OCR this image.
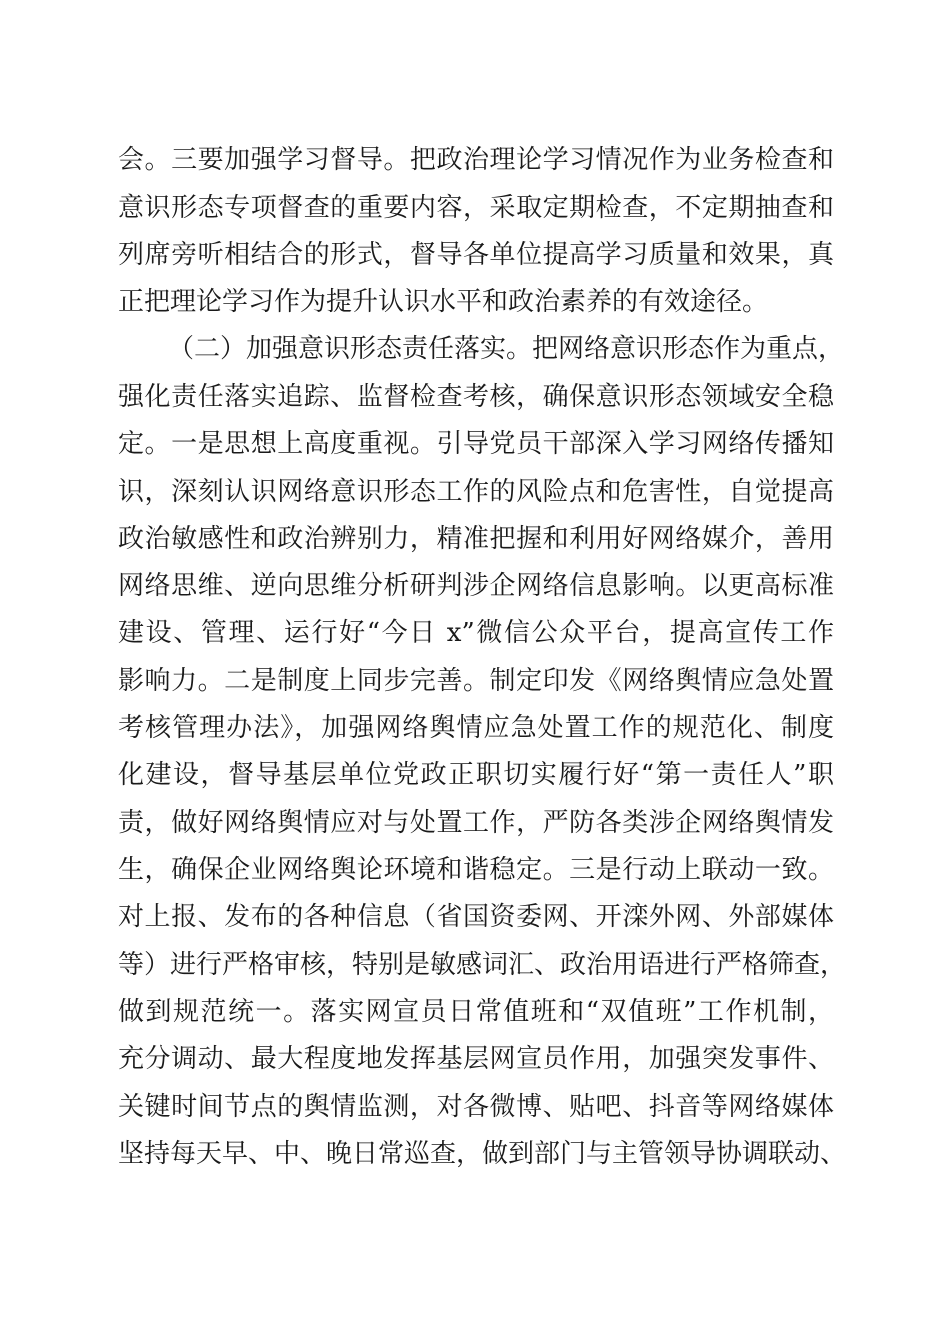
会。三要加强学习督导。把政治理论学习情况作为业务检查和
意识形态专项督查的重要内容，采取定期检查，不定期抽查和
列席旁听相结合的形式，督导各单位提高学习质量和效果，真
正把理论学习作为提升认识水平和政治素养的有效途径。
（二）加强意识形态责任落实。把网络意识形态作为重点，
强化责任落实追踪、监督检查考核，确保意识形态领域安全稳
定。一是思想上高度重视。引导党员干部深入学习网络传播知
识，深刻认识网络意识形态工作的风险点和危害性，自觉提高
政治敏感性和政治辨别力，精准把握和利用好网络媒介，善用
网络思维、逆向思维分析研判涉企网络信息影响。以更高标准
建设、管理、运行好“今日 x”微信公众平台，提高宣传工作
影响力。二是制度上同步完善。制定印发《网络舆情应急处置
考核管理办法》，加强网络舆情应急处置工作的规范化、制度
化建设，督导基层单位党政正职切实履行好“第一责任人”职
责，做好网络舆情应对与处置工作，严防各类涉企网络舆情发
生，确保企业网络舆论环境和谐稳定。三是行动上联动一致。
对上报、发布的各种信息（省国资委网、开滦外网、外部媒体
等）进行严格审核，特别是敏感词汇、政治用语进行严格筛查，
做到规范统一。落实网宣员日常值班和“双值班”工作机制，
充分调动、最大程度地发挥基层网宣员作用，加强突发事件、
关键时间节点的舆情监测，对各微博、贴吧、抖音等网络媒体
坚持每天早、中、晚日常巡查，做到部门与主管领导协调联动、
